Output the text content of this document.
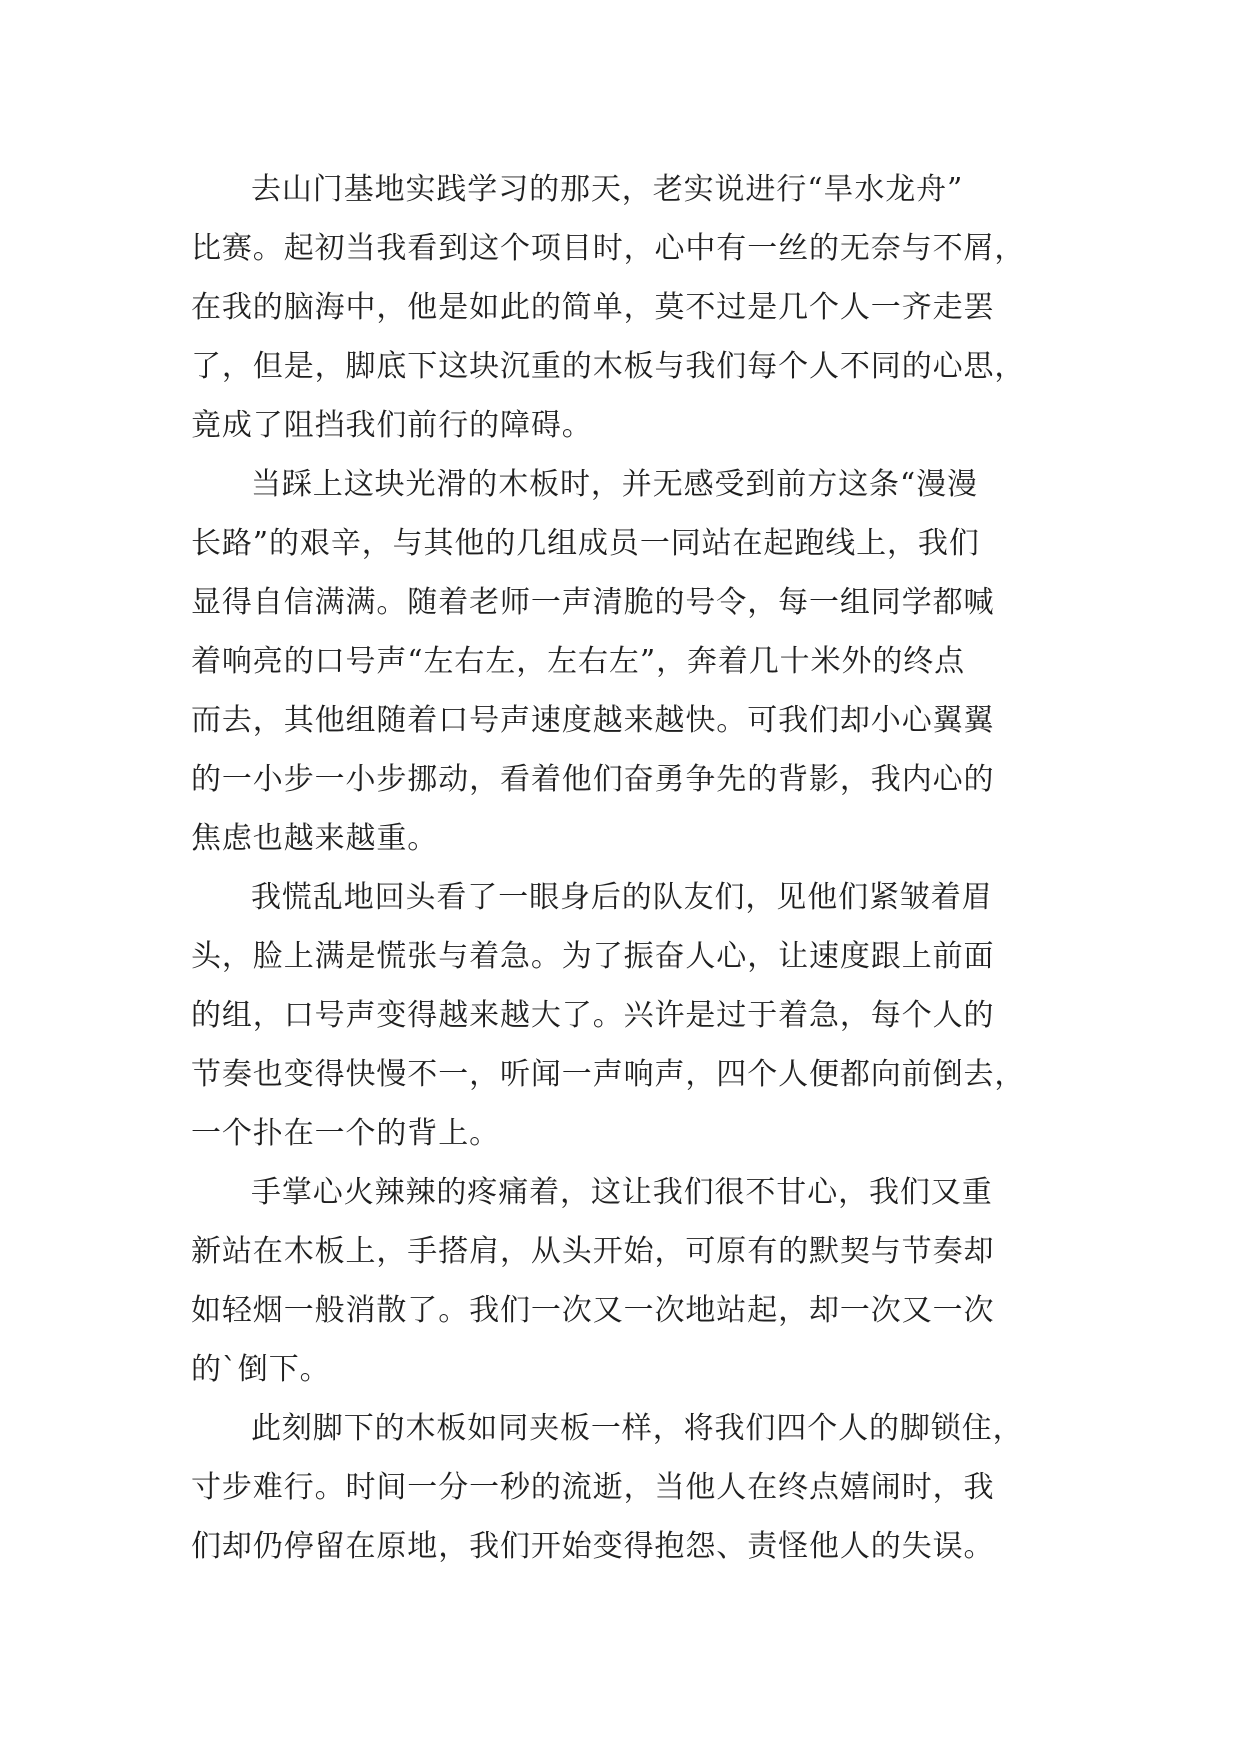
去山门基地实践学习的那天，老实说进行“旱水龙舟”
比赛。起初当我看到这个项目时，心中有一丝的无奈与不屑，
在我的脑海中，他是如此的简单，莫不过是几个人一齐走罢
了，但是，脚底下这块沉重的木板与我们每个人不同的心思，
竟成了阻挡我们前行的障碍。
当踩上这块光滑的木板时，并无感受到前方这条“漫漫
长路”的艰辛，与其他的几组成员一同站在起跑线上，我们
显得自信满满。随着老师一声清脆的号令，每一组同学都喊
着响亮的口号声“左右左，左右左”，奔着几十米外的终点
而去，其他组随着口号声速度越来越快。可我们却小心翼翼
的一小步一小步挪动，看着他们奋勇争先的背影，我内心的
焦虑也越来越重。
我慌乱地回头看了一眼身后的队友们，见他们紧皱着眉
头，脸上满是慌张与着急。为了振奋人心，让速度跟上前面
的组，口号声变得越来越大了。兴许是过于着急，每个人的
节奏也变得快慢不一，听闻一声响声，四个人便都向前倒去，
一个扑在一个的背上。
手掌心火辣辣的疼痛着，这让我们很不甘心，我们又重
新站在木板上，手搭肩，从头开始，可原有的默契与节奏却
如轻烟一般消散了。我们一次又一次地站起，却一次又一次
的`倒下。
此刻脚下的木板如同夹板一样，将我们四个人的脚锁住，
寸步难行。时间一分一秒的流逝，当他人在终点嬉闹时，我
们却仍停留在原地，我们开始变得抱怨、责怪他人的失误。
